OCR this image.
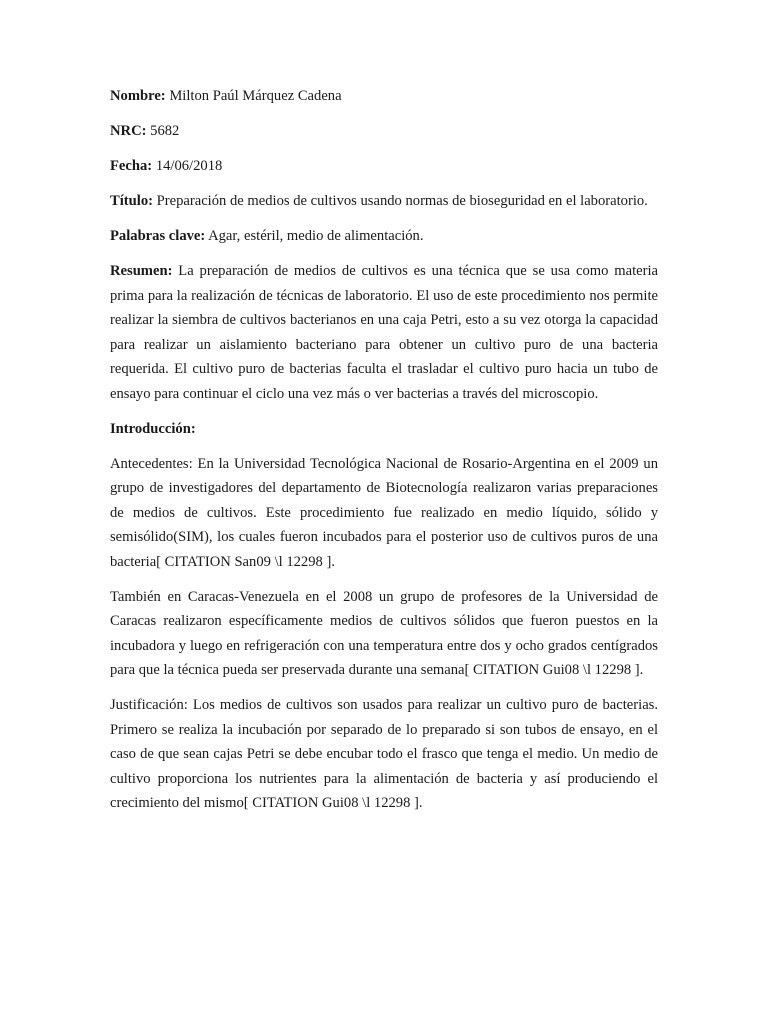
Nombre: Milton Paúl Márquez Cadena

NRC: 5682

Fecha: 14/06/2018

Título: Preparación de medios de cultivos usando normas de bioseguridad en el laboratorio.

Palabras clave: Agar, estéril, medio de alimentación.

Resumen: La preparación de medios de cultivos es una técnica que se usa como materia prima para la realización de técnicas de laboratorio. El uso de este procedimiento nos permite realizar la siembra de cultivos bacterianos en una caja Petri, esto a su vez otorga la capacidad para realizar un aislamiento bacteriano para obtener un cultivo puro de una bacteria requerida. El cultivo puro de bacterias faculta el trasladar el cultivo puro hacia un tubo de ensayo para continuar el ciclo una vez más o ver bacterias a través del microscopio.

Introducción:

Antecedentes: En la Universidad Tecnológica Nacional de Rosario-Argentina en el 2009 un grupo de investigadores del departamento de Biotecnología realizaron varias preparaciones de medios de cultivos. Este procedimiento fue realizado en medio líquido, sólido y semisólido(SIM), los cuales fueron incubados para el posterior uso de cultivos puros de una bacteria[ CITATION San09 \l 12298 ].

También en Caracas-Venezuela en el 2008 un grupo de profesores de la Universidad de Caracas realizaron específicamente medios de cultivos sólidos que fueron puestos en la incubadora y luego en refrigeración con una temperatura entre dos y ocho grados centígrados para que la técnica pueda ser preservada durante una semana[ CITATION Gui08 \l 12298 ].

Justificación: Los medios de cultivos son usados para realizar un cultivo puro de bacterias. Primero se realiza la incubación por separado de lo preparado si son tubos de ensayo, en el caso de que sean cajas Petri se debe encubar todo el frasco que tenga el medio. Un medio de cultivo proporciona los nutrientes para la alimentación de bacteria y así produciendo el crecimiento del mismo[ CITATION Gui08 \l 12298 ].
